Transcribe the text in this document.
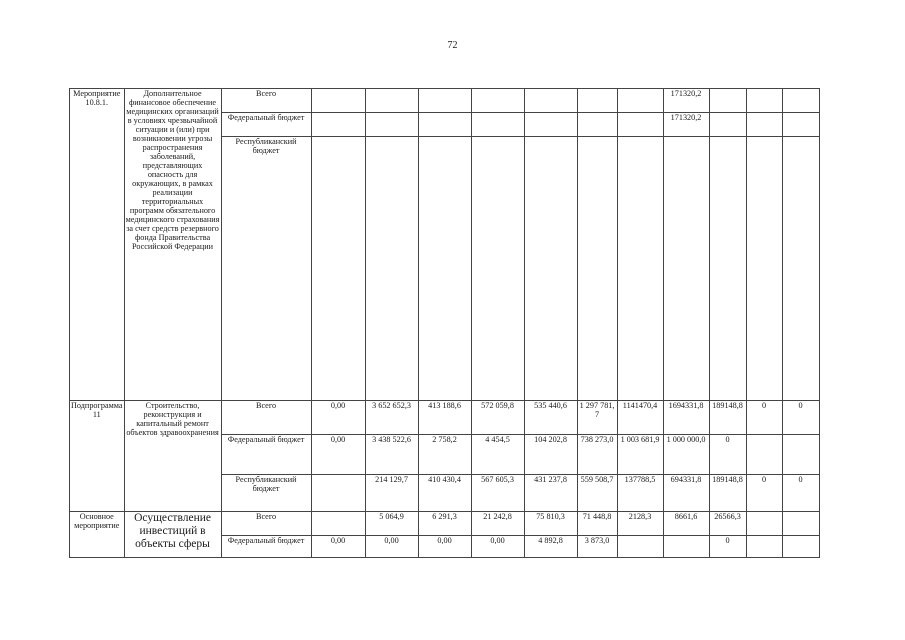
72
Мероприятие 10.8.1.	Дополнительное финансовое обеспечение медицинских организаций в условиях чрезвычайной ситуации и (или) при возникновении угрозы распространения заболеваний, представляющих опасность для окружающих, в рамках реализации территориальных программ обязательного медицинского страхования за счет средств резервного фонда Правительства Российской Федерации	Всего								171320,2			
		Федеральный бюджет								171320,2			
		Республиканский бюджет											
Подпрограмма 11	Строительство, реконструкция и капитальный ремонт объектов здравоохранения	Всего	0,00	3 652 652,3	413 188,6	572 059,8	535 440,6	1 297 781,7	1141470,4	1694331,8	189148,8	0	0
		Федеральный бюджет	0,00	3 438 522,6	2 758,2	4 454,5	104 202,8	738 273,0	1 003 681,9	1 000 000,0	0		
		Республиканский бюджет		214 129,7	410 430,4	567 605,3	431 237,8	559 508,7	137788,5	694331,8	189148,8	0	0
Основное мероприятие	Осуществление инвестиций в объекты сферы	Всего		5 064,9	6 291,3	21 242,8	75 810,3	71 448,8	2128,3	8661,6	26566,3		
		Федеральный бюджет	0,00	0,00	0,00	0,00	4 892,8	3 873,0			0		
